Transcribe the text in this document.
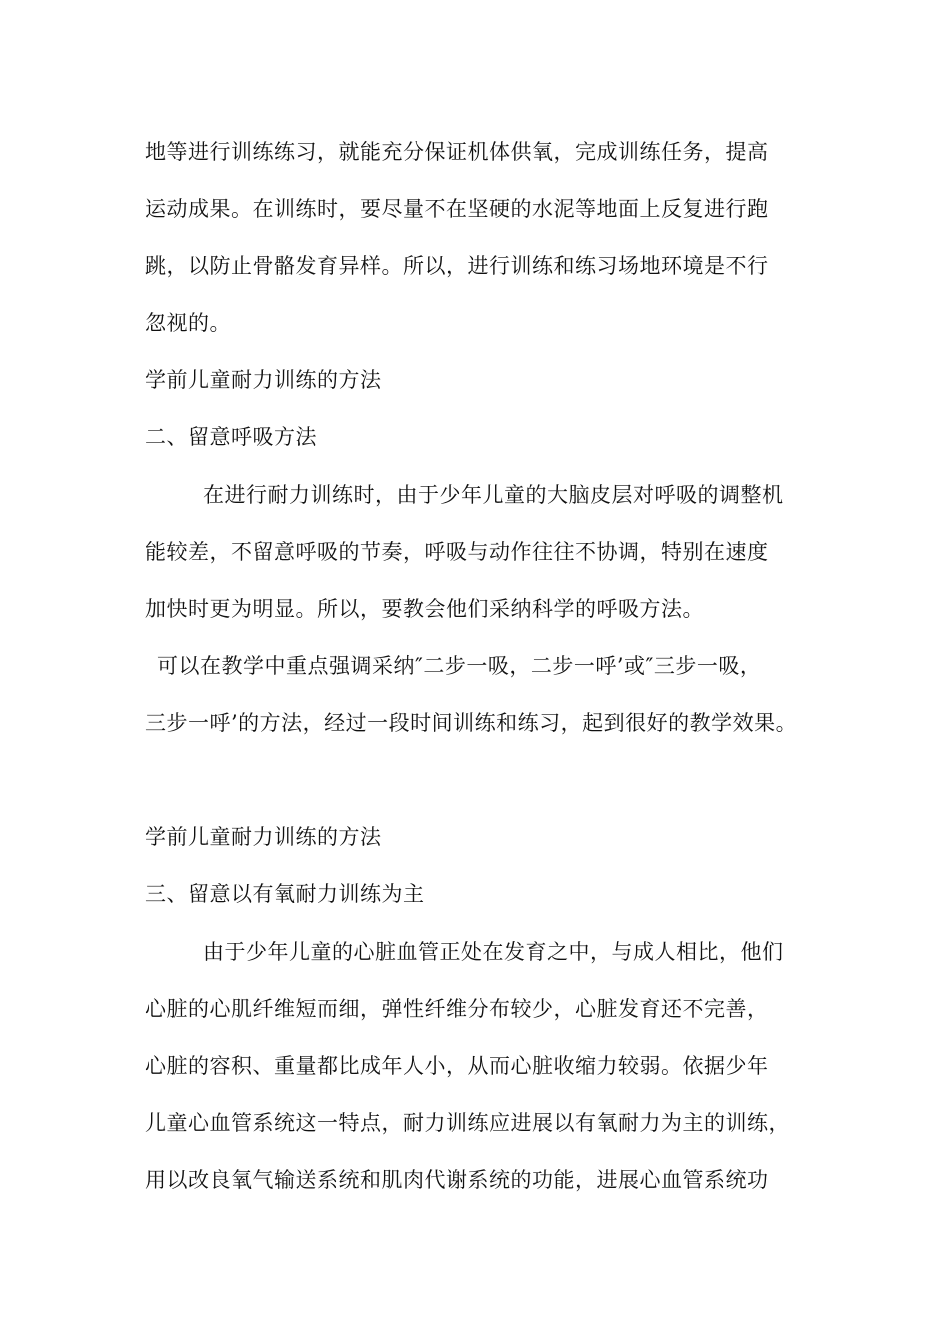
地等进行训练练习，就能充分保证机体供氧，完成训练任务，提高
运动成果。在训练时，要尽量不在坚硬的水泥等地面上反复进行跑
跳，以防止骨骼发育异样。所以，进行训练和练习场地环境是不行
忽视的。
学前儿童耐力训练的方法
二、留意呼吸方法
在进行耐力训练时，由于少年儿童的大脑皮层对呼吸的调整机
能较差，不留意呼吸的节奏，呼吸与动作往往不协调，特别在速度
加快时更为明显。所以，要教会他们采纳科学的呼吸方法。
可以在教学中重点强调采纳″二步一吸，二步一呼’或″三步一吸，
三步一呼’的方法，经过一段时间训练和练习，起到很好的教学效果。
学前儿童耐力训练的方法
三、留意以有氧耐力训练为主
由于少年儿童的心脏血管正处在发育之中，与成人相比，他们
心脏的心肌纤维短而细，弹性纤维分布较少，心脏发育还不完善，
心脏的容积、重量都比成年人小，从而心脏收缩力较弱。依据少年
儿童心血管系统这一特点，耐力训练应进展以有氧耐力为主的训练，
用以改良氧气输送系统和肌肉代谢系统的功能，进展心血管系统功
